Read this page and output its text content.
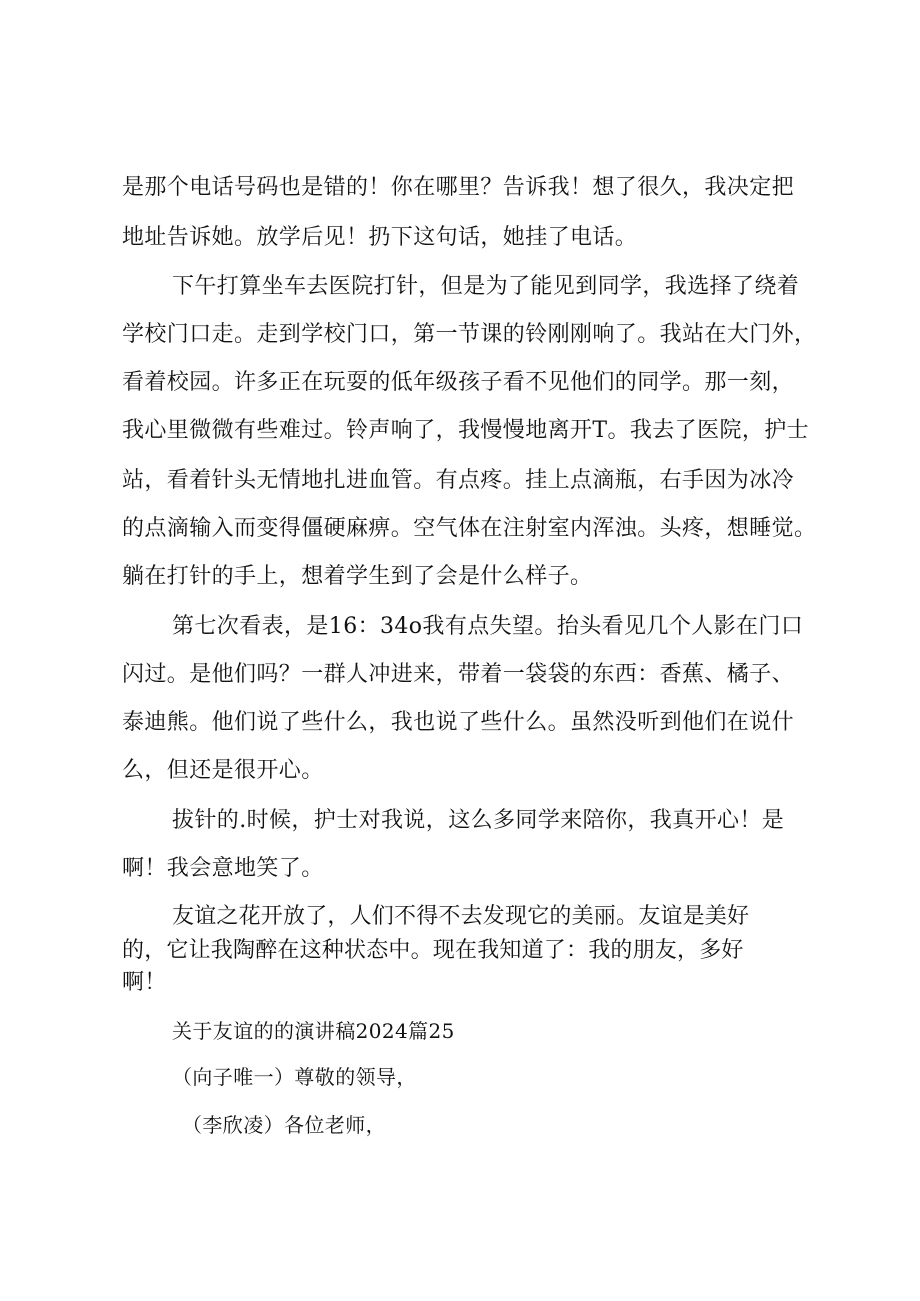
是那个电话号码也是错的！你在哪里？告诉我！想了很久，我决定把
地址告诉她。放学后见！扔下这句话，她挂了电话。
下午打算坐车去医院打针，但是为了能见到同学，我选择了绕着
学校门口走。走到学校门口，第一节课的铃刚刚响了。我站在大门外，
看着校园。许多正在玩耍的低年级孩子看不见他们的同学。那一刻，
我心里微微有些难过。铃声响了，我慢慢地离开T。我去了医院，护士
站，看着针头无情地扎进血管。有点疼。挂上点滴瓶，右手因为冰冷
的点滴输入而变得僵硬麻痹。空气体在注射室内浑浊。头疼，想睡觉。
躺在打针的手上，想着学生到了会是什么样子。
第七次看表，是16：34o我有点失望。抬头看见几个人影在门口
闪过。是他们吗？一群人冲进来，带着一袋袋的东西：香蕉、橘子、
泰迪熊。他们说了些什么，我也说了些什么。虽然没听到他们在说什
么，但还是很开心。
拔针的.时候，护士对我说，这么多同学来陪你，我真开心！是
啊！我会意地笑了。
友谊之花开放了，人们不得不去发现它的美丽。友谊是美好
的，它让我陶醉在这种状态中。现在我知道了：我的朋友，多好
啊！
关于友谊的的演讲稿2024篇25
（向子唯一）尊敬的领导，
（李欣凌）各位老师，
